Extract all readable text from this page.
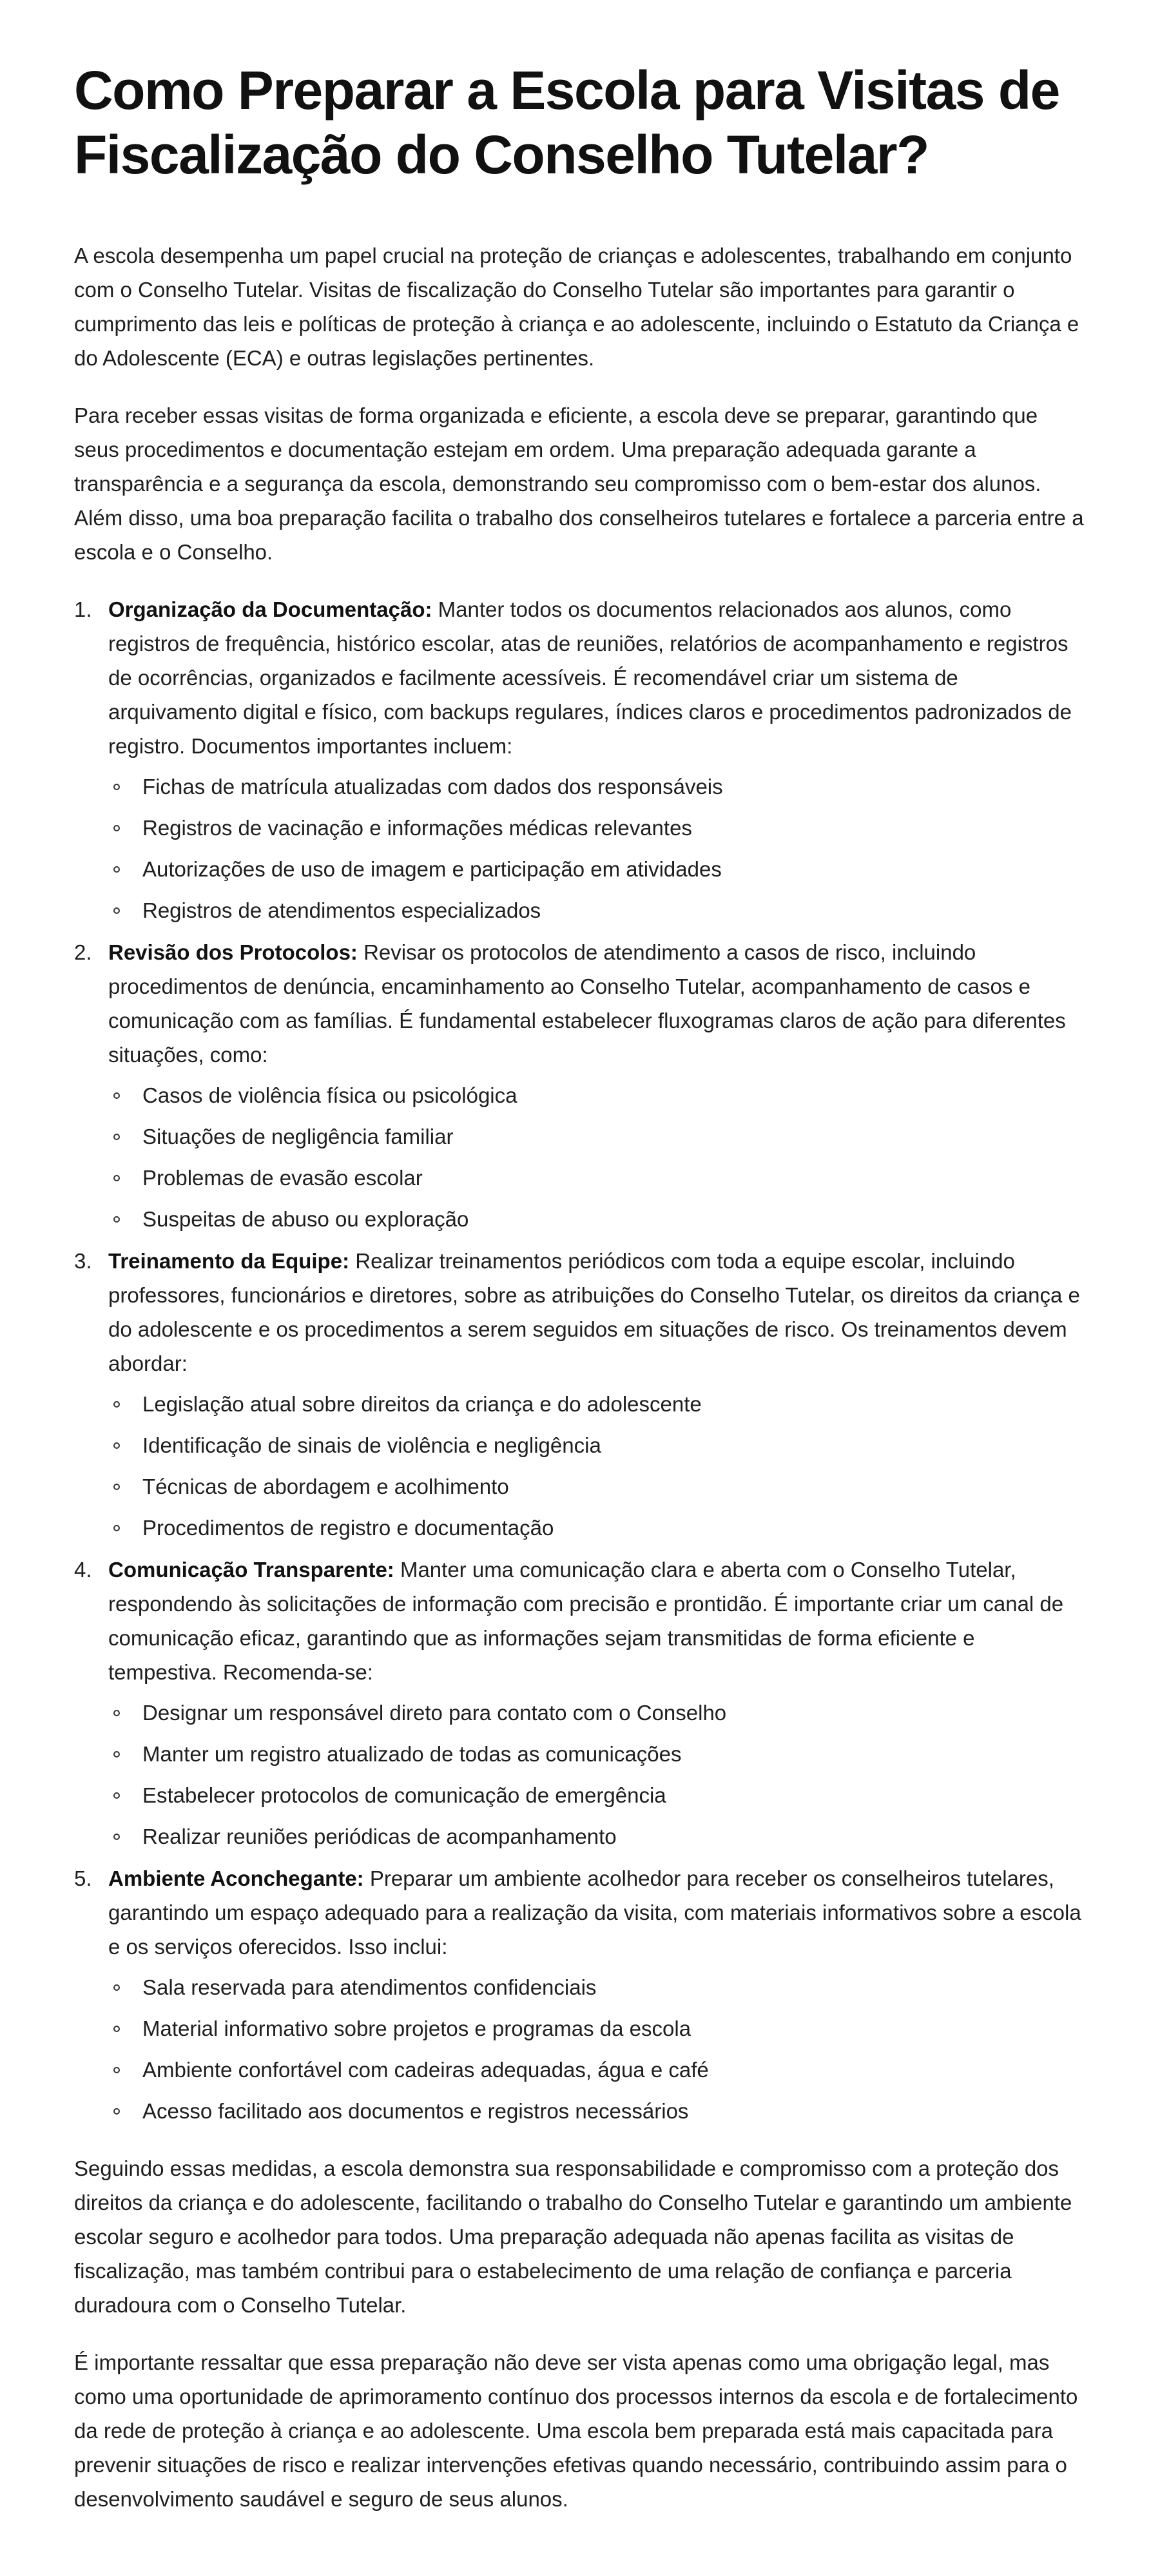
Como Preparar a Escola para Visitas de Fiscalização do Conselho Tutelar?

A escola desempenha um papel crucial na proteção de crianças e adolescentes, trabalhando em conjunto com o Conselho Tutelar. Visitas de fiscalização do Conselho Tutelar são importantes para garantir o cumprimento das leis e políticas de proteção à criança e ao adolescente, incluindo o Estatuto da Criança e do Adolescente (ECA) e outras legislações pertinentes.

Para receber essas visitas de forma organizada e eficiente, a escola deve se preparar, garantindo que seus procedimentos e documentação estejam em ordem. Uma preparação adequada garante a transparência e a segurança da escola, demonstrando seu compromisso com o bem-estar dos alunos. Além disso, uma boa preparação facilita o trabalho dos conselheiros tutelares e fortalece a parceria entre a escola e o Conselho.

1. Organização da Documentação: Manter todos os documentos relacionados aos alunos, como registros de frequência, histórico escolar, atas de reuniões, relatórios de acompanhamento e registros de ocorrências, organizados e facilmente acessíveis. É recomendável criar um sistema de arquivamento digital e físico, com backups regulares, índices claros e procedimentos padronizados de registro. Documentos importantes incluem:
Fichas de matrícula atualizadas com dados dos responsáveis
Registros de vacinação e informações médicas relevantes
Autorizações de uso de imagem e participação em atividades
Registros de atendimentos especializados
2. Revisão dos Protocolos: Revisar os protocolos de atendimento a casos de risco, incluindo procedimentos de denúncia, encaminhamento ao Conselho Tutelar, acompanhamento de casos e comunicação com as famílias. É fundamental estabelecer fluxogramas claros de ação para diferentes situações, como:
Casos de violência física ou psicológica
Situações de negligência familiar
Problemas de evasão escolar
Suspeitas de abuso ou exploração
3. Treinamento da Equipe: Realizar treinamentos periódicos com toda a equipe escolar, incluindo professores, funcionários e diretores, sobre as atribuições do Conselho Tutelar, os direitos da criança e do adolescente e os procedimentos a serem seguidos em situações de risco. Os treinamentos devem abordar:
Legislação atual sobre direitos da criança e do adolescente
Identificação de sinais de violência e negligência
Técnicas de abordagem e acolhimento
Procedimentos de registro e documentação
4. Comunicação Transparente: Manter uma comunicação clara e aberta com o Conselho Tutelar, respondendo às solicitações de informação com precisão e prontidão. É importante criar um canal de comunicação eficaz, garantindo que as informações sejam transmitidas de forma eficiente e tempestiva. Recomenda-se:
Designar um responsável direto para contato com o Conselho
Manter um registro atualizado de todas as comunicações
Estabelecer protocolos de comunicação de emergência
Realizar reuniões periódicas de acompanhamento
5. Ambiente Aconchegante: Preparar um ambiente acolhedor para receber os conselheiros tutelares, garantindo um espaço adequado para a realização da visita, com materiais informativos sobre a escola e os serviços oferecidos. Isso inclui:
Sala reservada para atendimentos confidenciais
Material informativo sobre projetos e programas da escola
Ambiente confortável com cadeiras adequadas, água e café
Acesso facilitado aos documentos e registros necessários

Seguindo essas medidas, a escola demonstra sua responsabilidade e compromisso com a proteção dos direitos da criança e do adolescente, facilitando o trabalho do Conselho Tutelar e garantindo um ambiente escolar seguro e acolhedor para todos. Uma preparação adequada não apenas facilita as visitas de fiscalização, mas também contribui para o estabelecimento de uma relação de confiança e parceria duradoura com o Conselho Tutelar.

É importante ressaltar que essa preparação não deve ser vista apenas como uma obrigação legal, mas como uma oportunidade de aprimoramento contínuo dos processos internos da escola e de fortalecimento da rede de proteção à criança e ao adolescente. Uma escola bem preparada está mais capacitada para prevenir situações de risco e realizar intervenções efetivas quando necessário, contribuindo assim para o desenvolvimento saudável e seguro de seus alunos.
